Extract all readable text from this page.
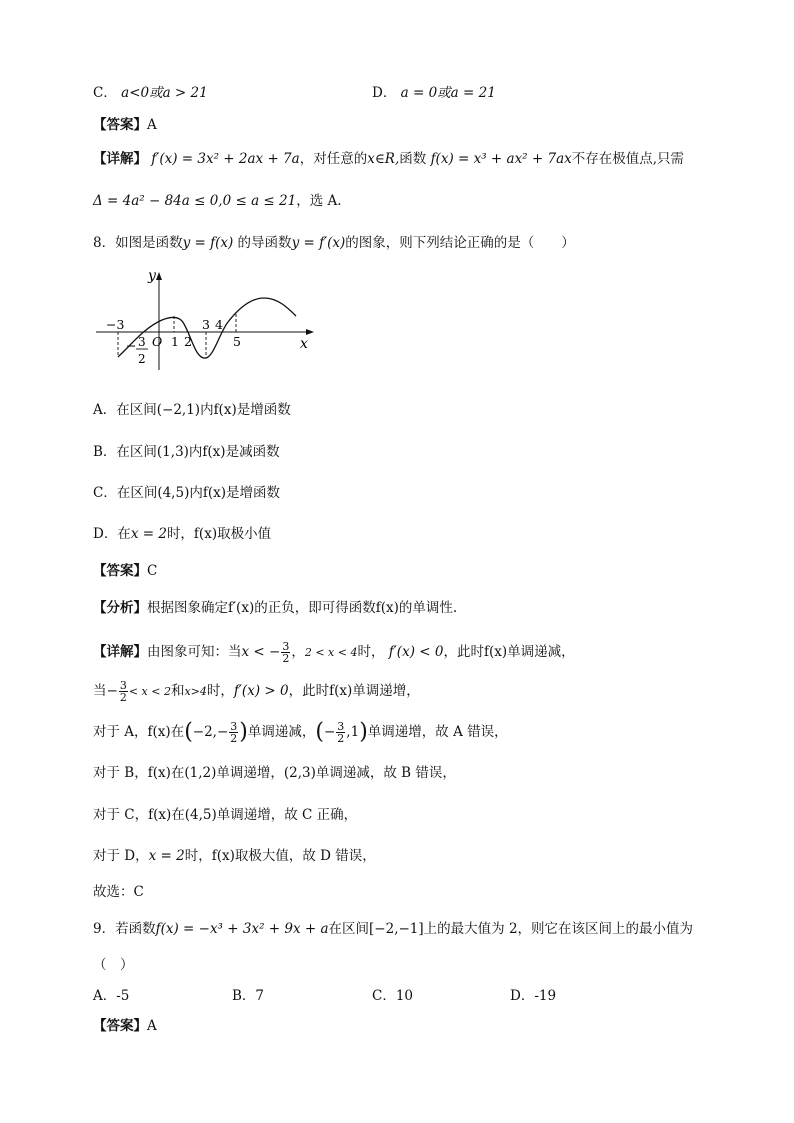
C． a<0或a > 21	D． a = 0或a = 21
【答案】A
【详解】 f′(x) = 3x² + 2ax + 7a，对任意的x∈R,函数 f(x) = x³ + ax² + 7ax不存在极值点,只需
Δ = 4a² − 84a ≤ 0,0 ≤ a ≤ 21，选 A.
8．如图是函数y = f(x) 的导函数y = f′(x)的图象，则下列结论正确的是（　　）
y
x
−3
O 1 2
3 4
5
− 3
2
A．在区间(−2,1)内f(x)是增函数
B．在区间(1,3)内f(x)是减函数
C．在区间(4,5)内f(x)是增函数
D．在x = 2时，f(x)取极小值
【答案】C
【分析】根据图象确定f′(x)的正负，即可得函数f(x)的单调性.
【详解】由图象可知：当x < − $\frac{3}{2}$ ，2 < x < 4时， f′(x) < 0，此时f(x)单调递减，
当− $\frac{3}{2} < x < 2$和x>4时，f′(x) > 0，此时f(x)单调递增，
对于 A，f(x)在($-2,- \frac{3}{2}$ )单调递减，(− $\frac{3}{2} ,1$)单调递增，故 A 错误，
对于 B，f(x)在(1,2)单调递增，(2,3)单调递减，故 B 错误，
对于 C，f(x)在(4,5)单调递增，故 C 正确，
对于 D，x = 2时，f(x)取极大值，故 D 错误，
故选：C
9．若函数f(x) = −x³ + 3x² + 9x + a在区间[−2,−1]上的最大值为 2，则它在该区间上的最小值为
（　）
A．-5	B．7	C．10	D．-19
【答案】A
